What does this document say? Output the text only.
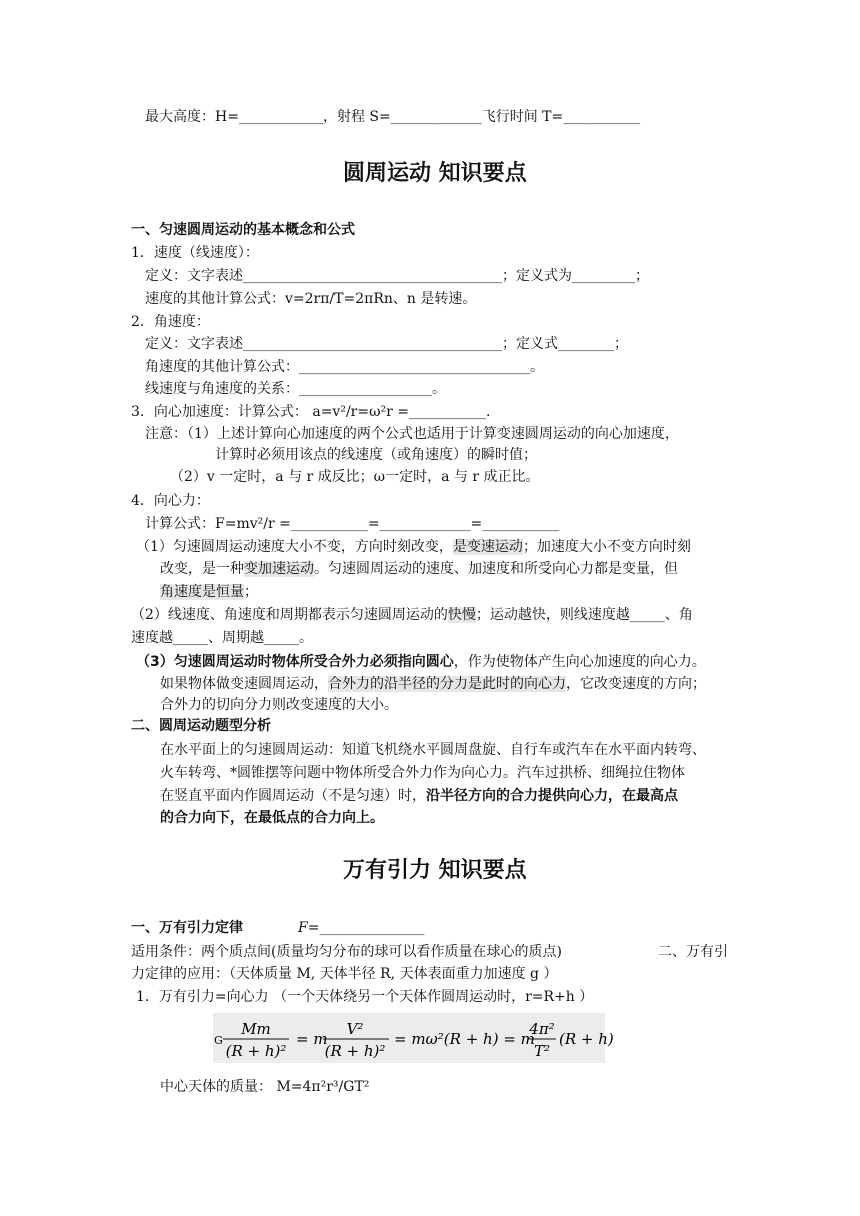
最大高度：H=____________，射程 S=_____________飞行时间 T=___________
圆周运动 知识要点
一、匀速圆周运动的基本概念和公式
1．速度（线速度）：
定义：文字表述_____________________________________；定义式为_________；
速度的其他计算公式：v=2rπ/T=2πRn、n 是转速。
2．角速度：
定义：文字表述_____________________________________；定义式________；
角速度的其他计算公式：_________________________________。
线速度与角速度的关系：___________________。
3．向心加速度：计算公式： a=v²/r=ω²r =___________.
注意：（1）上述计算向心加速度的两个公式也适用于计算变速圆周运动的向心加速度，
计算时必须用该点的线速度（或角速度）的瞬时值；
（2）v 一定时，a 与 r 成反比；ω一定时，a 与 r 成正比。
4．向心力：
计算公式：F=mv²/r =___________=_____________=___________
（1）匀速圆周运动速度大小不变，方向时刻改变，是变速运动；加速度大小不变方向时刻
改变，是一种变加速运动。匀速圆周运动的速度、加速度和所受向心力都是变量，但
角速度是恒量；
（2）线速度、角速度和周期都表示匀速圆周运动的快慢；运动越快，则线速度越_____、角
速度越_____、周期越_____。
（3）匀速圆周运动时物体所受合外力必须指向圆心，作为使物体产生向心加速度的向心力。
如果物体做变速圆周运动，合外力的沿半径的分力是此时的向心力，它改变速度的方向；
合外力的切向分力则改变速度的大小。
二、圆周运动题型分析
在水平面上的匀速圆周运动：知道飞机绕水平圆周盘旋、自行车或汽车在水平面内转弯、
火车转弯、*圆锥摆等问题中物体所受合外力作为向心力。汽车过拱桥、细绳拉住物体
在竖直平面内作圆周运动（不是匀速）时，沿半径方向的合力提供向心力，在最高点
的合力向下，在最低点的合力向上。
万有引力 知识要点
一、万有引力定律	F=_______________
适用条件：两个质点间(质量均匀分布的球可以看作质量在球心的质点)	二、万有引
力定律的应用：（天体质量 M, 天体半径 R, 天体表面重力加速度 g ）
1．万有引力=向心力 （一个天体绕另一个天体作圆周运动时，r=R+h ）
G
Mm
(R + h)²
= m
V²
(R + h)²
= mω²(R + h) = m
4π²
T²
(R + h)
中心天体的质量： M=4π²r³/GT²
